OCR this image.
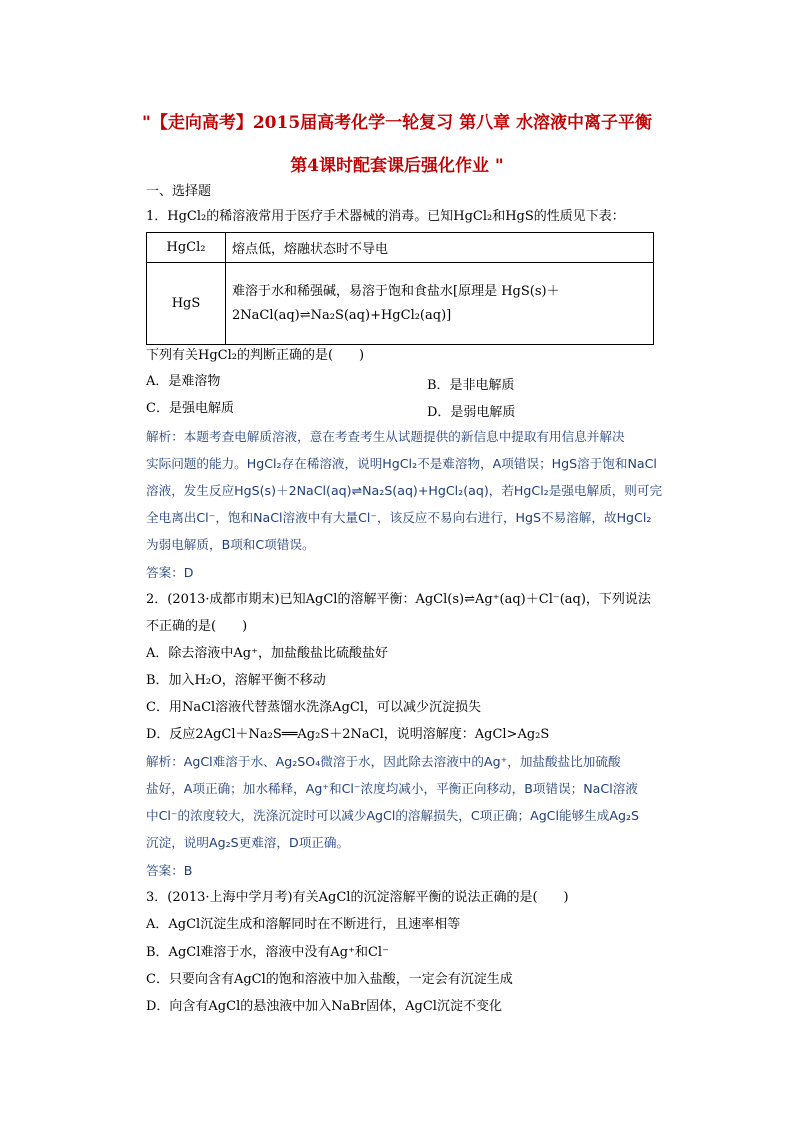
"【走向高考】2015届高考化学一轮复习 第八章 水溶液中离子平衡
第4课时配套课后强化作业 "
一、选择题
1．HgCl₂的稀溶液常用于医疗手术器械的消毒。已知HgCl₂和HgS的性质见下表：
HgCl₂	熔点低，熔融状态时不导电
HgS	难溶于水和稀强碱，易溶于饱和食盐水[原理是 HgS(s)＋2NaCl(aq)⇌Na₂S(aq)+HgCl₂(aq)]
下列有关HgCl₂的判断正确的是(　　)
A．是难溶物	B．是非电解质
C．是强电解质	D．是弱电解质
解析：本题考查电解质溶液，意在考查考生从试题提供的新信息中提取有用信息并解决
实际问题的能力。HgCl₂存在稀溶液，说明HgCl₂不是难溶物，A项错误；HgS溶于饱和NaCl
溶液，发生反应HgS(s)＋2NaCl(aq)⇌Na₂S(aq)+HgCl₂(aq)，若HgCl₂是强电解质，则可完
全电离出Cl⁻，饱和NaCl溶液中有大量Cl⁻，该反应不易向右进行，HgS不易溶解，故HgCl₂
为弱电解质，B项和C项错误。
答案：D
2．(2013·成都市期末)已知AgCl的溶解平衡：AgCl(s)⇌Ag⁺(aq)＋Cl⁻(aq)，下列说法
不正确的是(　　)
A．除去溶液中Ag⁺，加盐酸盐比硫酸盐好
B．加入H₂O，溶解平衡不移动
C．用NaCl溶液代替蒸馏水洗涤AgCl，可以减少沉淀损失
D．反应2AgCl＋Na₂S══Ag₂S＋2NaCl，说明溶解度：AgCl>Ag₂S
解析：AgCl难溶于水、Ag₂SO₄微溶于水，因此除去溶液中的Ag⁺，加盐酸盐比加硫酸
盐好，A项正确；加水稀释，Ag⁺和Cl⁻浓度均减小，平衡正向移动，B项错误；NaCl溶液
中Cl⁻的浓度较大，洗涤沉淀时可以减少AgCl的溶解损失，C项正确；AgCl能够生成Ag₂S
沉淀，说明Ag₂S更难溶，D项正确。
答案：B
3．(2013·上海中学月考)有关AgCl的沉淀溶解平衡的说法正确的是(　　)
A．AgCl沉淀生成和溶解同时在不断进行，且速率相等
B．AgCl难溶于水，溶液中没有Ag⁺和Cl⁻
C．只要向含有AgCl的饱和溶液中加入盐酸，一定会有沉淀生成
D．向含有AgCl的悬浊液中加入NaBr固体，AgCl沉淀不变化
